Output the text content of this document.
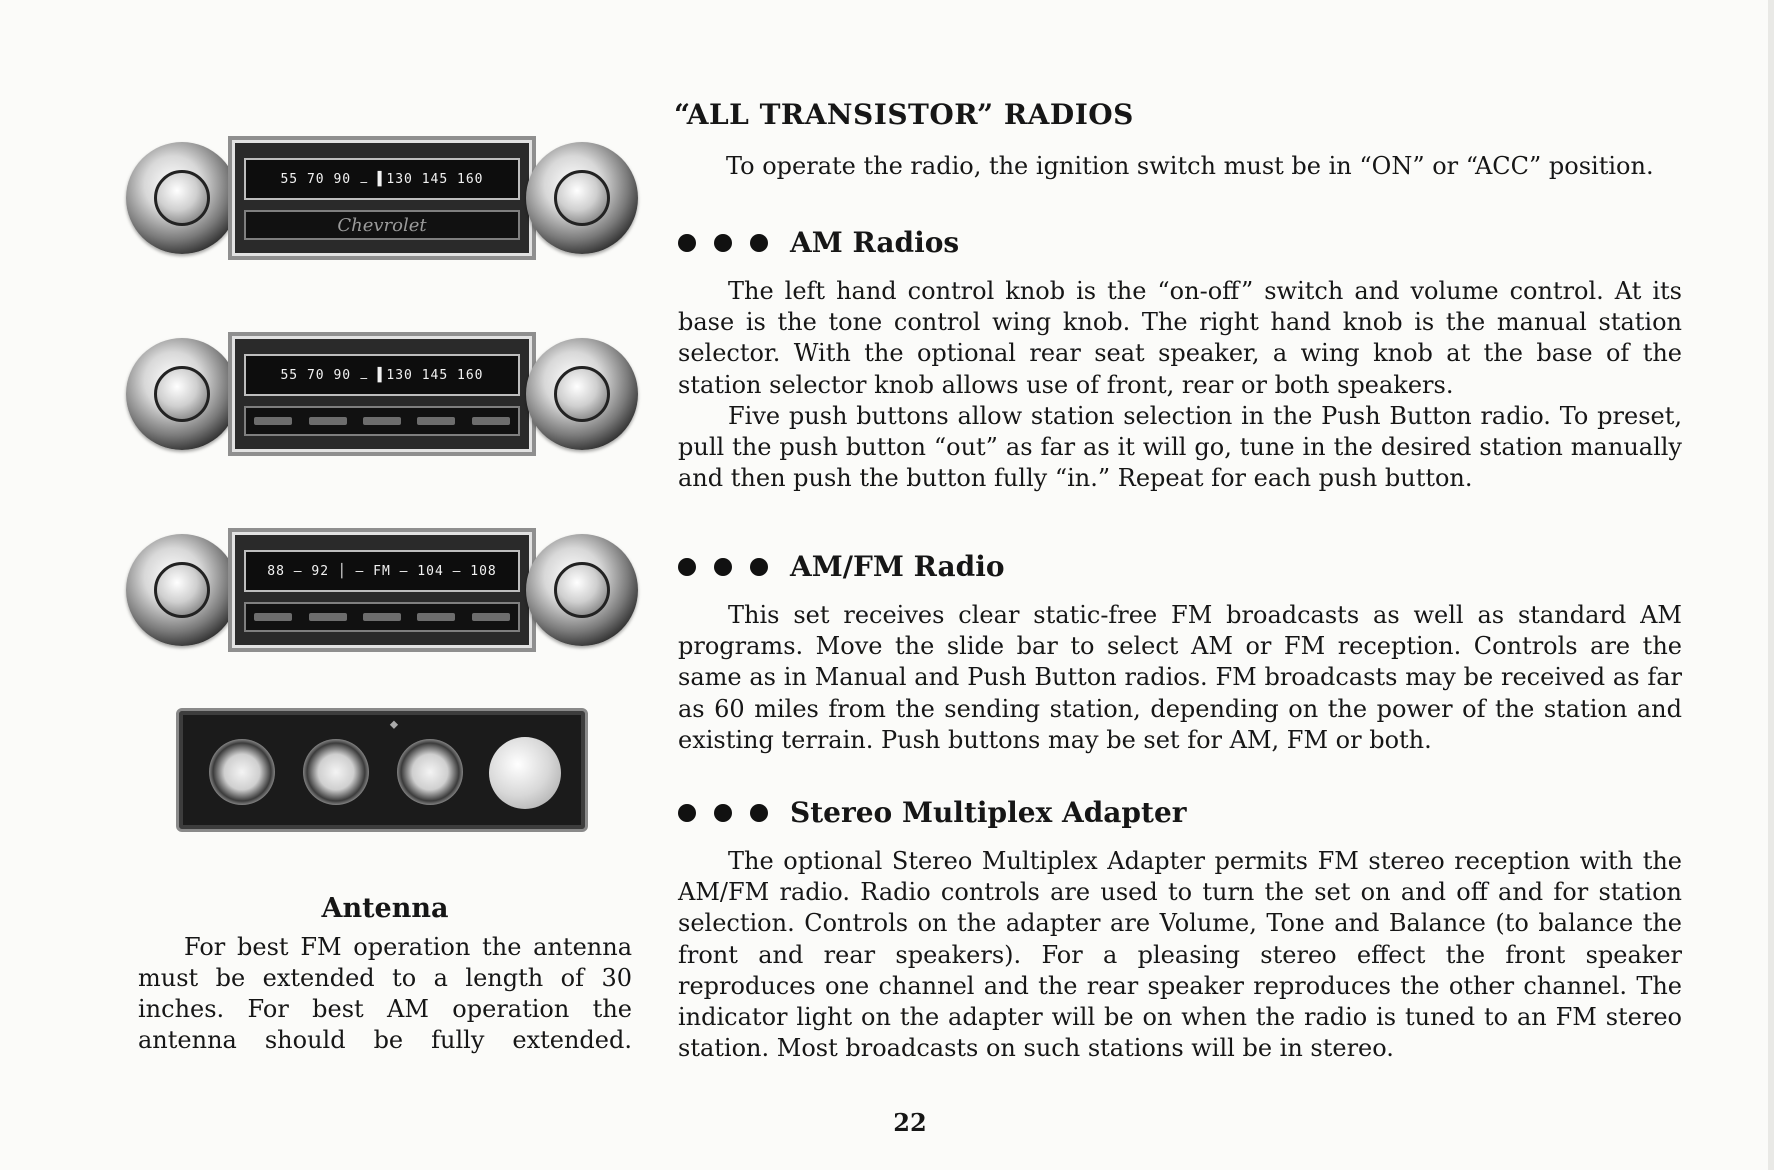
55 70 90 ⚊ ▌130 145 160
Chevrolet
55 70 90 ⚊ ▌130 145 160
88 – 92 │ – FM – 104 – 108
⬥
Antenna
For best FM operation the antenna must be extended to a length of 30 inches. For best AM operation the antenna should be fully extended.
“ALL TRANSISTOR” RADIOS
To operate the radio, the ignition switch must be in “ON” or “ACC” position.
AM Radios

The left hand control knob is the “on-off” switch and volume control. At its base is the tone control wing knob. The right hand knob is the manual station selector. With the optional rear seat speaker, a wing knob at the base of the station selector knob allows use of front, rear or both speakers.

Five push buttons allow station selection in the Push Button radio. To preset, pull the push button “out” as far as it will go, tune in the desired station manually and then push the button fully “in.” Repeat for each push button.

AM/FM Radio

This set receives clear static-free FM broadcasts as well as standard AM programs. Move the slide bar to select AM or FM reception. Controls are the same as in Manual and Push Button radios. FM broadcasts may be received as far as 60 miles from the sending station, depending on the power of the station and existing terrain. Push buttons may be set for AM, FM or both.

Stereo Multiplex Adapter

The optional Stereo Multiplex Adapter permits FM stereo reception with the AM/FM radio. Radio controls are used to turn the set on and off and for station selection. Controls on the adapter are Volume, Tone and Balance (to balance the front and rear speakers). For a pleasing stereo effect the front speaker reproduces one channel and the rear speaker reproduces the other channel. The indicator light on the adapter will be on when the radio is tuned to an FM stereo station. Most broadcasts on such stations will be in stereo.

22
